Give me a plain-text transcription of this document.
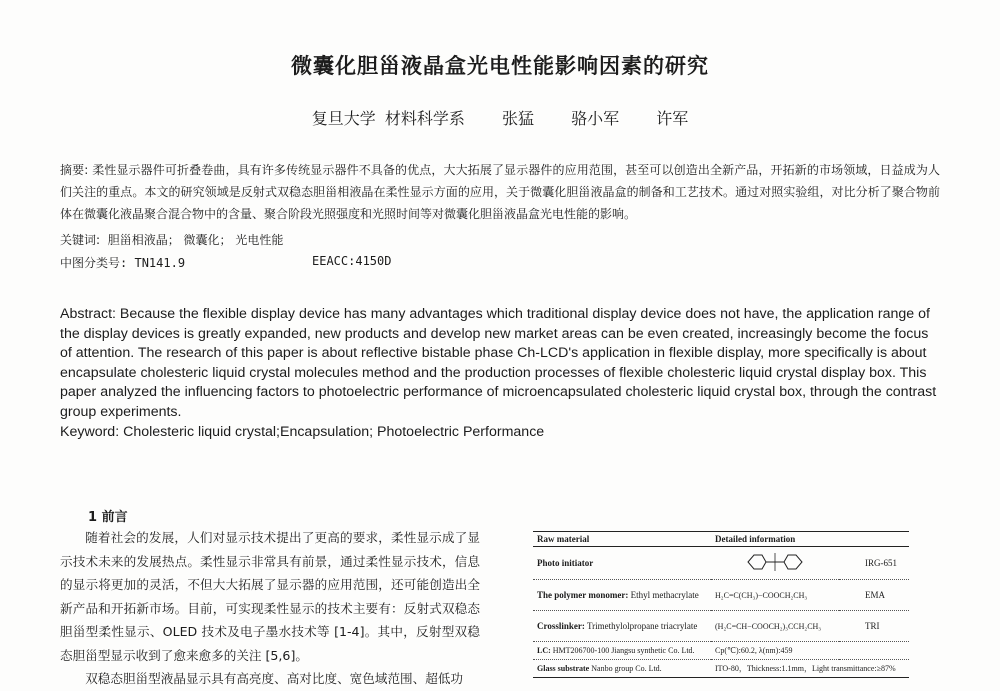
微囊化胆甾液晶盒光电性能影响因素的研究
复旦大学 材料科学系 张猛 骆小军 许军
摘要: 柔性显示器件可折叠卷曲，具有许多传统显示器件不具备的优点，大大拓展了显示器件的应用范围，甚至可以创造出全新产品，开拓新的市场领域，日益成为人们关注的重点。本文的研究领域是反射式双稳态胆甾相液晶在柔性显示方面的应用，关于微囊化胆甾液晶盒的制备和工艺技术。通过对照实验组，对比分析了聚合物前体在微囊化液晶聚合混合物中的含量、聚合阶段光照强度和光照时间等对微囊化胆甾液晶盒光电性能的影响。
关键词: 胆甾相液晶； 微囊化； 光电性能
中图分类号: TN141.9	EEACC:4150D
Abstract: Because the flexible display device has many advantages which traditional display device does not have, the application range of the display devices is greatly expanded, new products and develop new market areas can be even created, increasingly become the focus of attention. The research of this paper is about reflective bistable phase Ch-LCD's application in flexible display, more specifically is about encapsulate cholesteric liquid crystal molecules method and the production processes of flexible cholesteric liquid crystal display box. This paper analyzed the influencing factors to photoelectric performance of microencapsulated cholesteric liquid crystal box, through the contrast group experiments.
Keyword: Cholesteric liquid crystal;Encapsulation; Photoelectric Performance
1 前言

随着社会的发展，人们对显示技术提出了更高的要求，柔性显示成了显示技术未来的发展热点。柔性显示非常具有前景，通过柔性显示技术，信息的显示将更加的灵活，不但大大拓展了显示器的应用范围，还可能创造出全新产品和开拓新市场。目前，可实现柔性显示的技术主要有：反射式双稳态胆甾型柔性显示、OLED 技术及电子墨水技术等 [1-4]。其中，反射型双稳态胆甾型显示收到了愈来愈多的关注 [5,6]。

双稳态胆甾型液晶显示具有高亮度、高对比度、宽色域范围、超低功

Raw material	Detailed information	
Photo initiator		IRG-651
The polymer monomer: Ethyl methacrylate	H₂C=C(CH₃)−COOCH₂CH₃	EMA
Crosslinker: Trimethylolpropane triacrylate	(H₂C=CH−COOCH₂)₃CCH₂CH₃	TRI
LC: HMT206700-100 Jiangsu synthetic Co. Ltd.	Cp(℃):60.2, λ(nm):459	
Glass substrate Nanbo group Co. Ltd.	ITO-80，Thickness:1.1mm，Light transmittance:≥87%	
